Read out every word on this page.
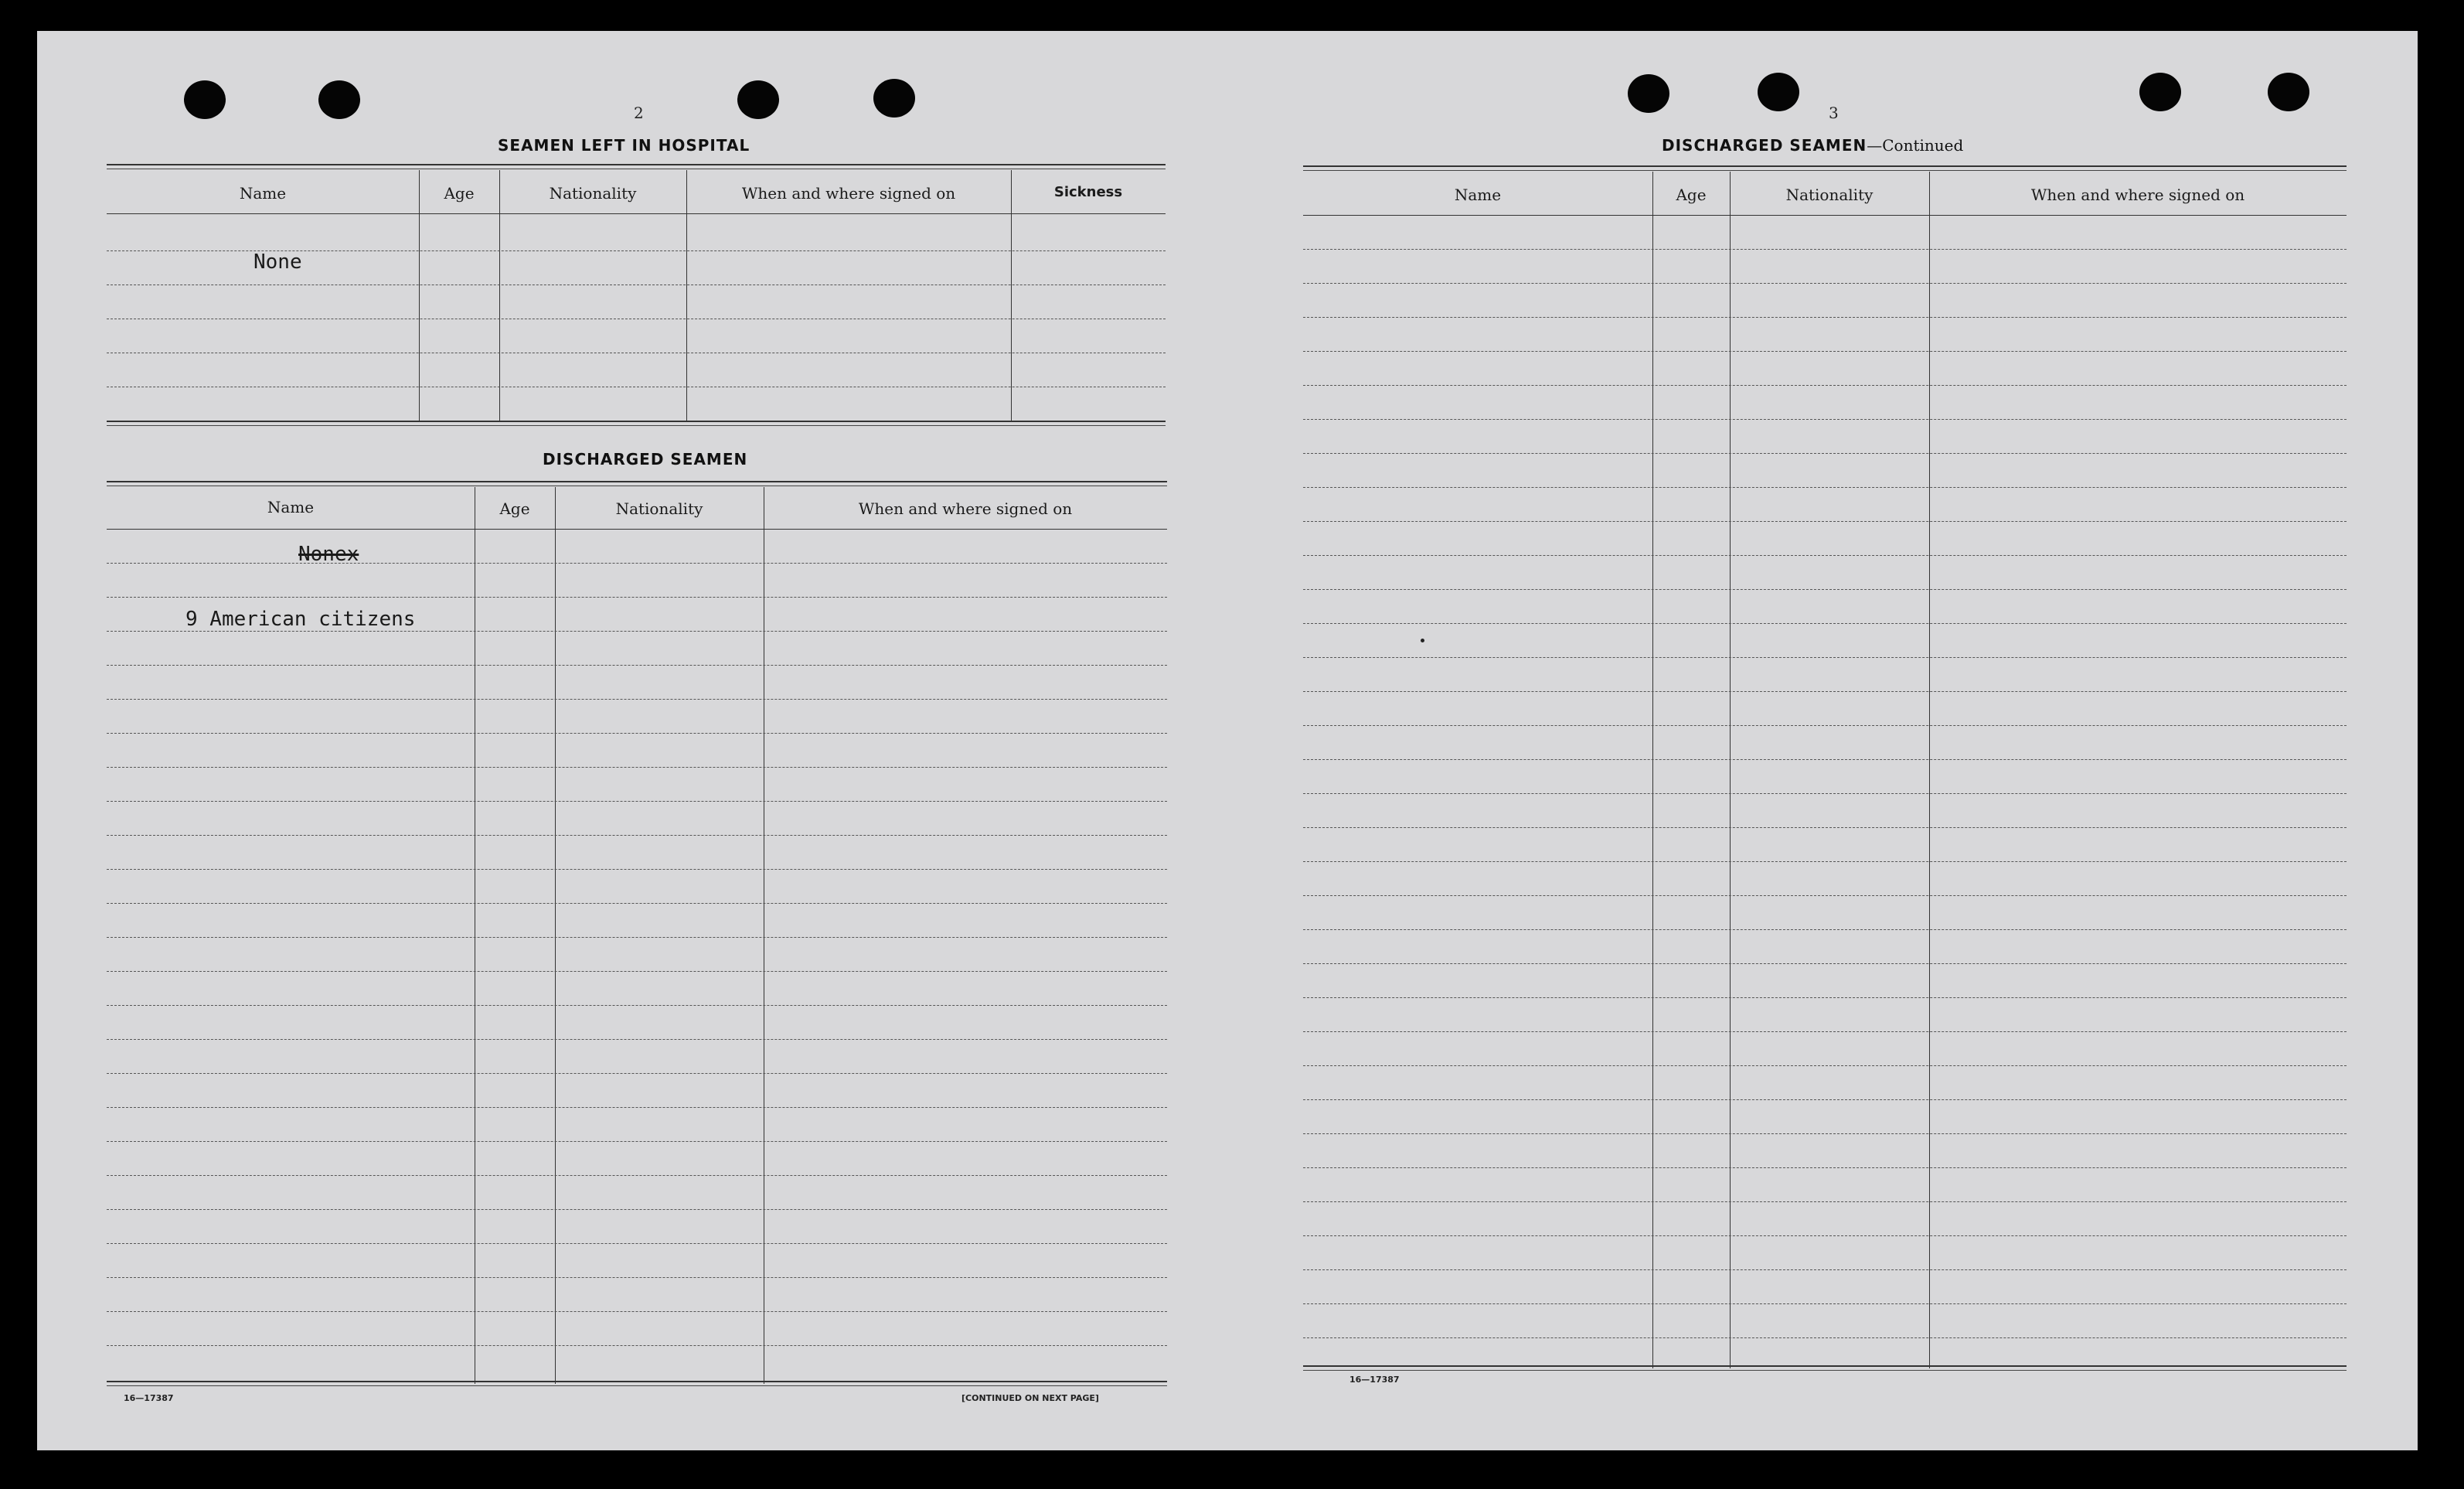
2
SEAMEN LEFT IN HOSPITAL
Name	Age	Nationality	When and where signed on	Sickness
None
DISCHARGED SEAMEN
Name	Age	Nationality	When and where signed on
Nonex
9 American citizens
16—17387	[CONTINUED ON NEXT PAGE]
3
DISCHARGED SEAMEN—Continued
Name	Age	Nationality	When and where signed on
16—17387
